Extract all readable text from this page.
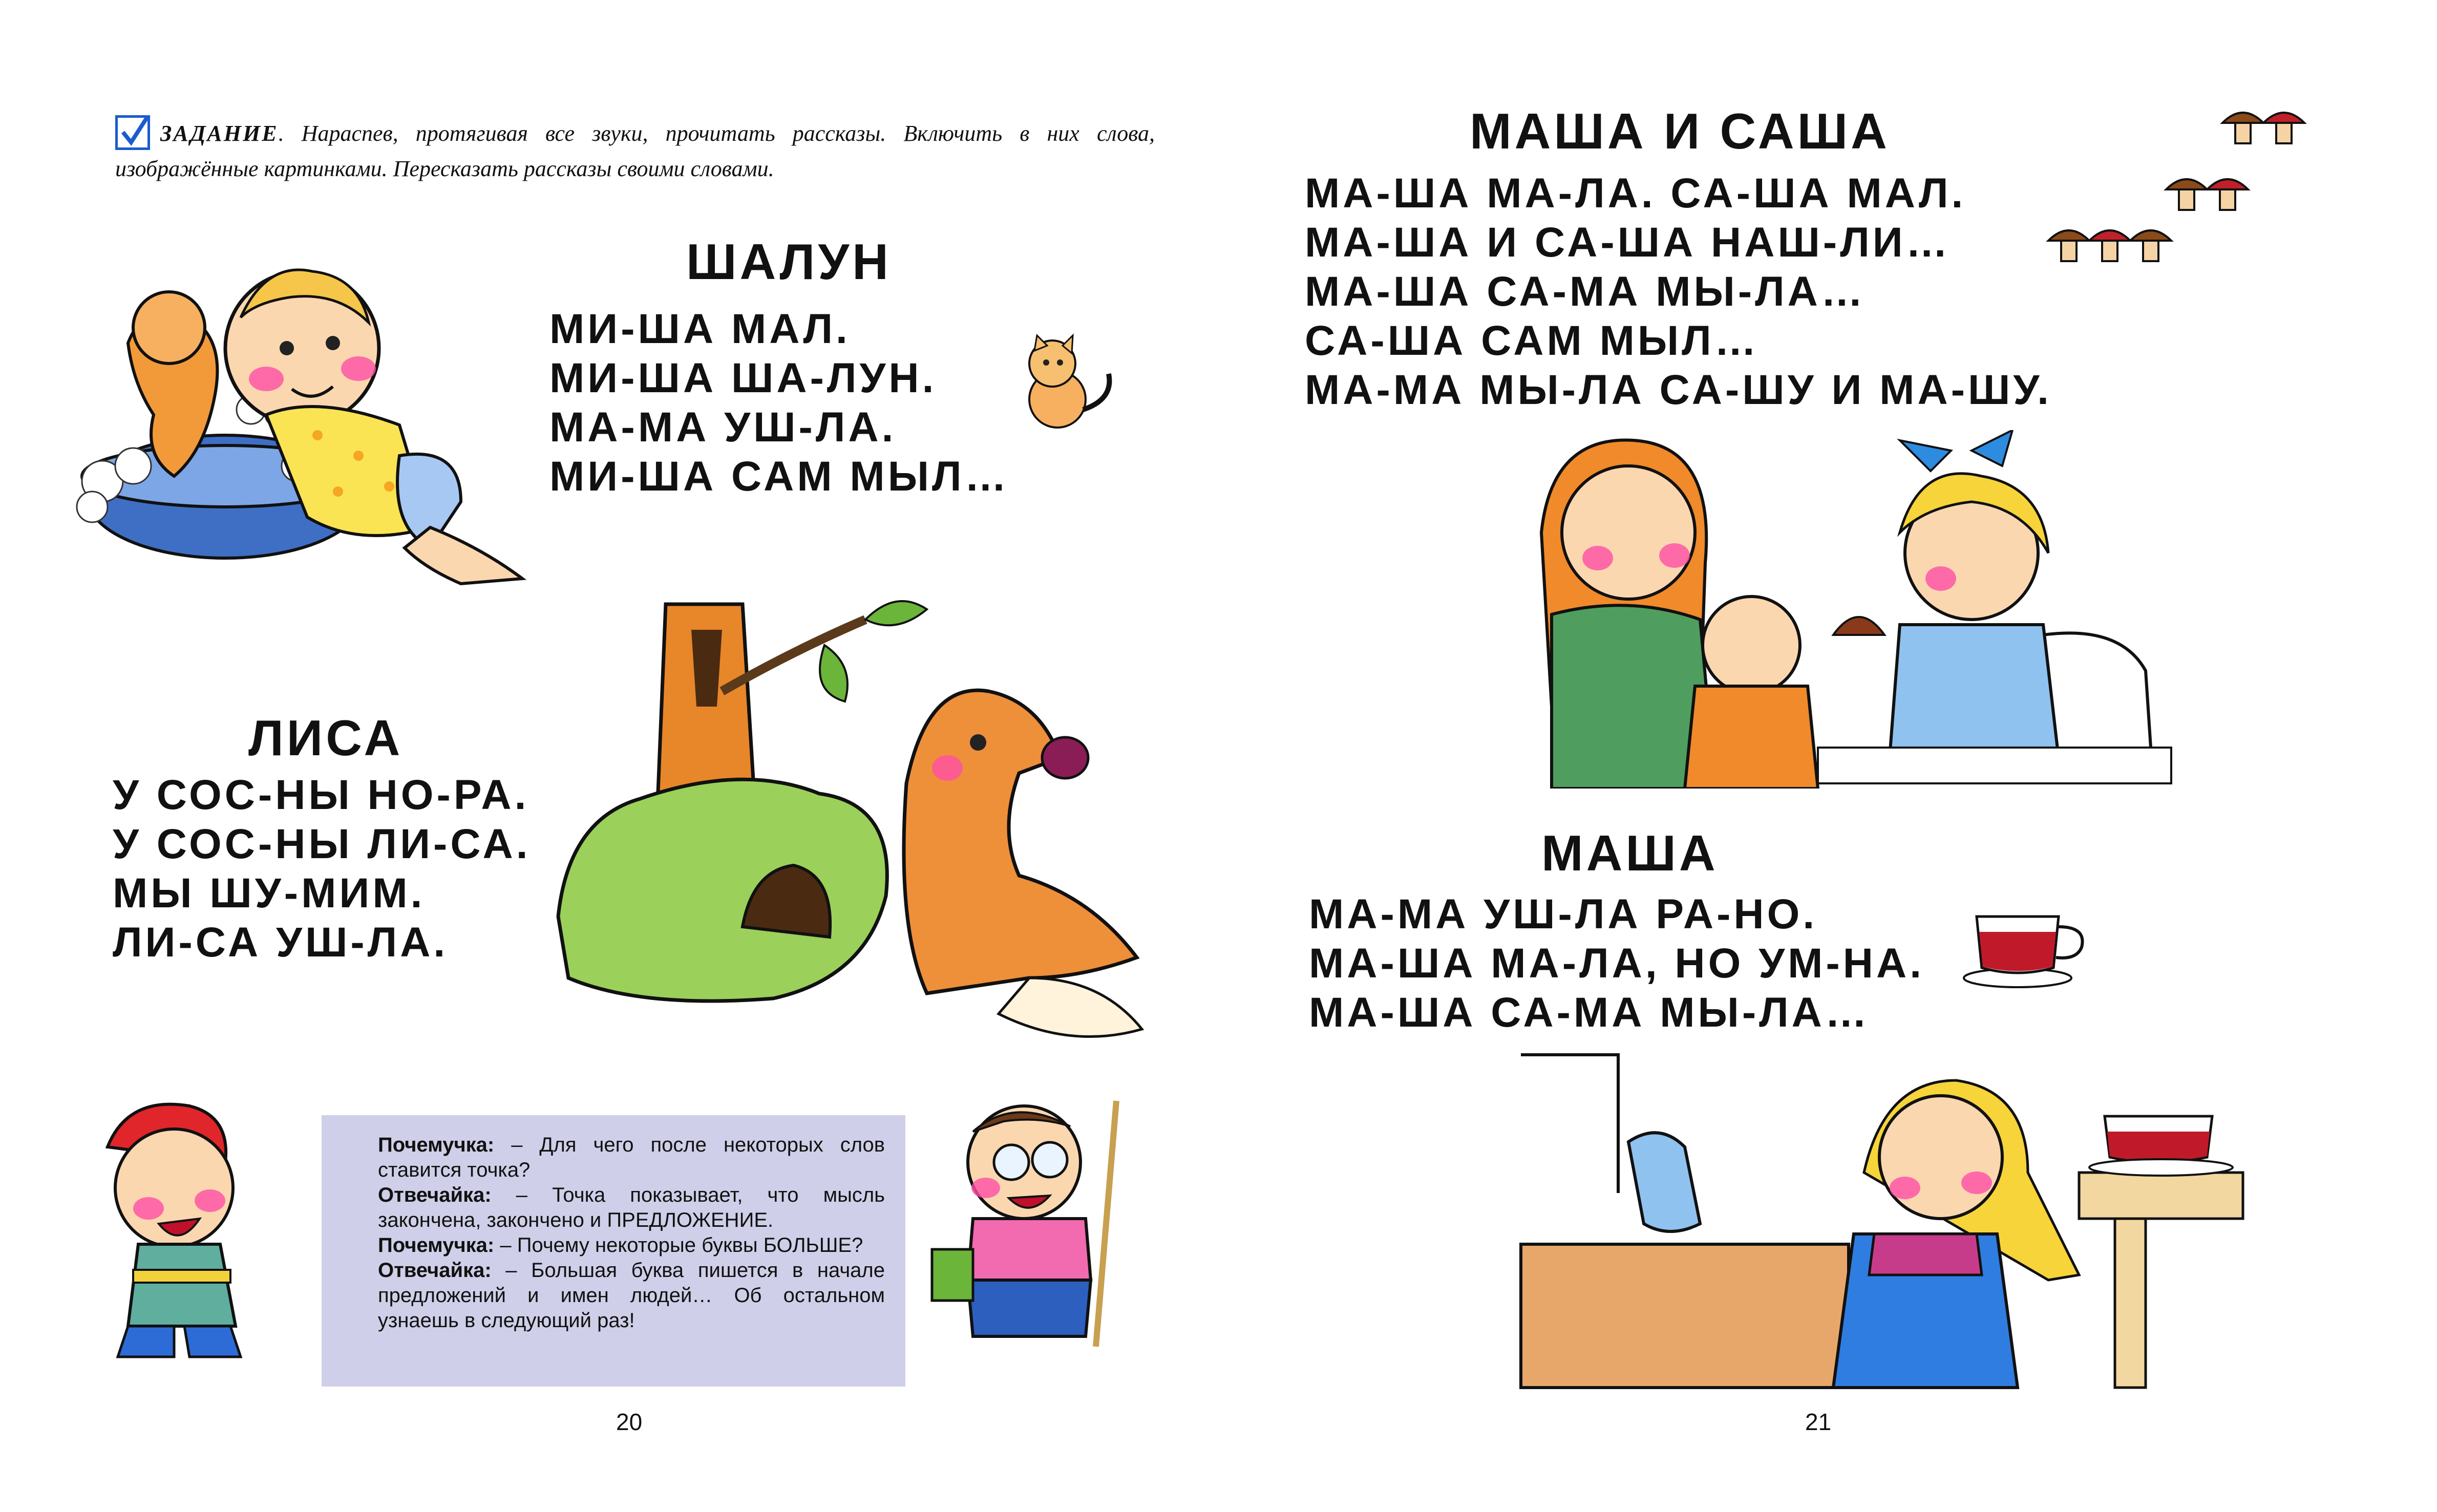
ЗАДАНИЕ. Нараспев, протягивая все звуки, прочитать рассказы. Включить в них слова, изображённые картинками. Пересказать рассказы своими словами.
ШАЛУН
МИ-ША МАЛ.
МИ-ША ША-ЛУН.
МА-МА УШ-ЛА.
МИ-ША САМ МЫЛ…
ЛИСА
У СОС-НЫ НО-РА.
У СОС-НЫ ЛИ-СА.
МЫ ШУ-МИМ.
ЛИ-СА УШ-ЛА.

Почемучка: – Для чего после некоторых слов ставится точка?

Отвечайка: – Точка показывает, что мысль закончена, закончено и ПРЕДЛОЖЕНИЕ.

Почемучка: – Почему некоторые буквы БОЛЬШЕ?

Отвечайка: – Большая буква пишется в начале предложений и имен людей… Об остальном узнаешь в следующий раз!

20
МАША И САША
МА-ША МА-ЛА. СА-ША МАЛ.
МА-ША И СА-ША НАШ-ЛИ…
МА-ША СА-МА МЫ-ЛА…
СА-ША САМ МЫЛ…
МА-МА МЫ-ЛА СА-ШУ И МА-ШУ.
МАША
МА-МА УШ-ЛА РА-НО.
МА-ША МА-ЛА, НО УМ-НА.
МА-ША СА-МА МЫ-ЛА…
21
